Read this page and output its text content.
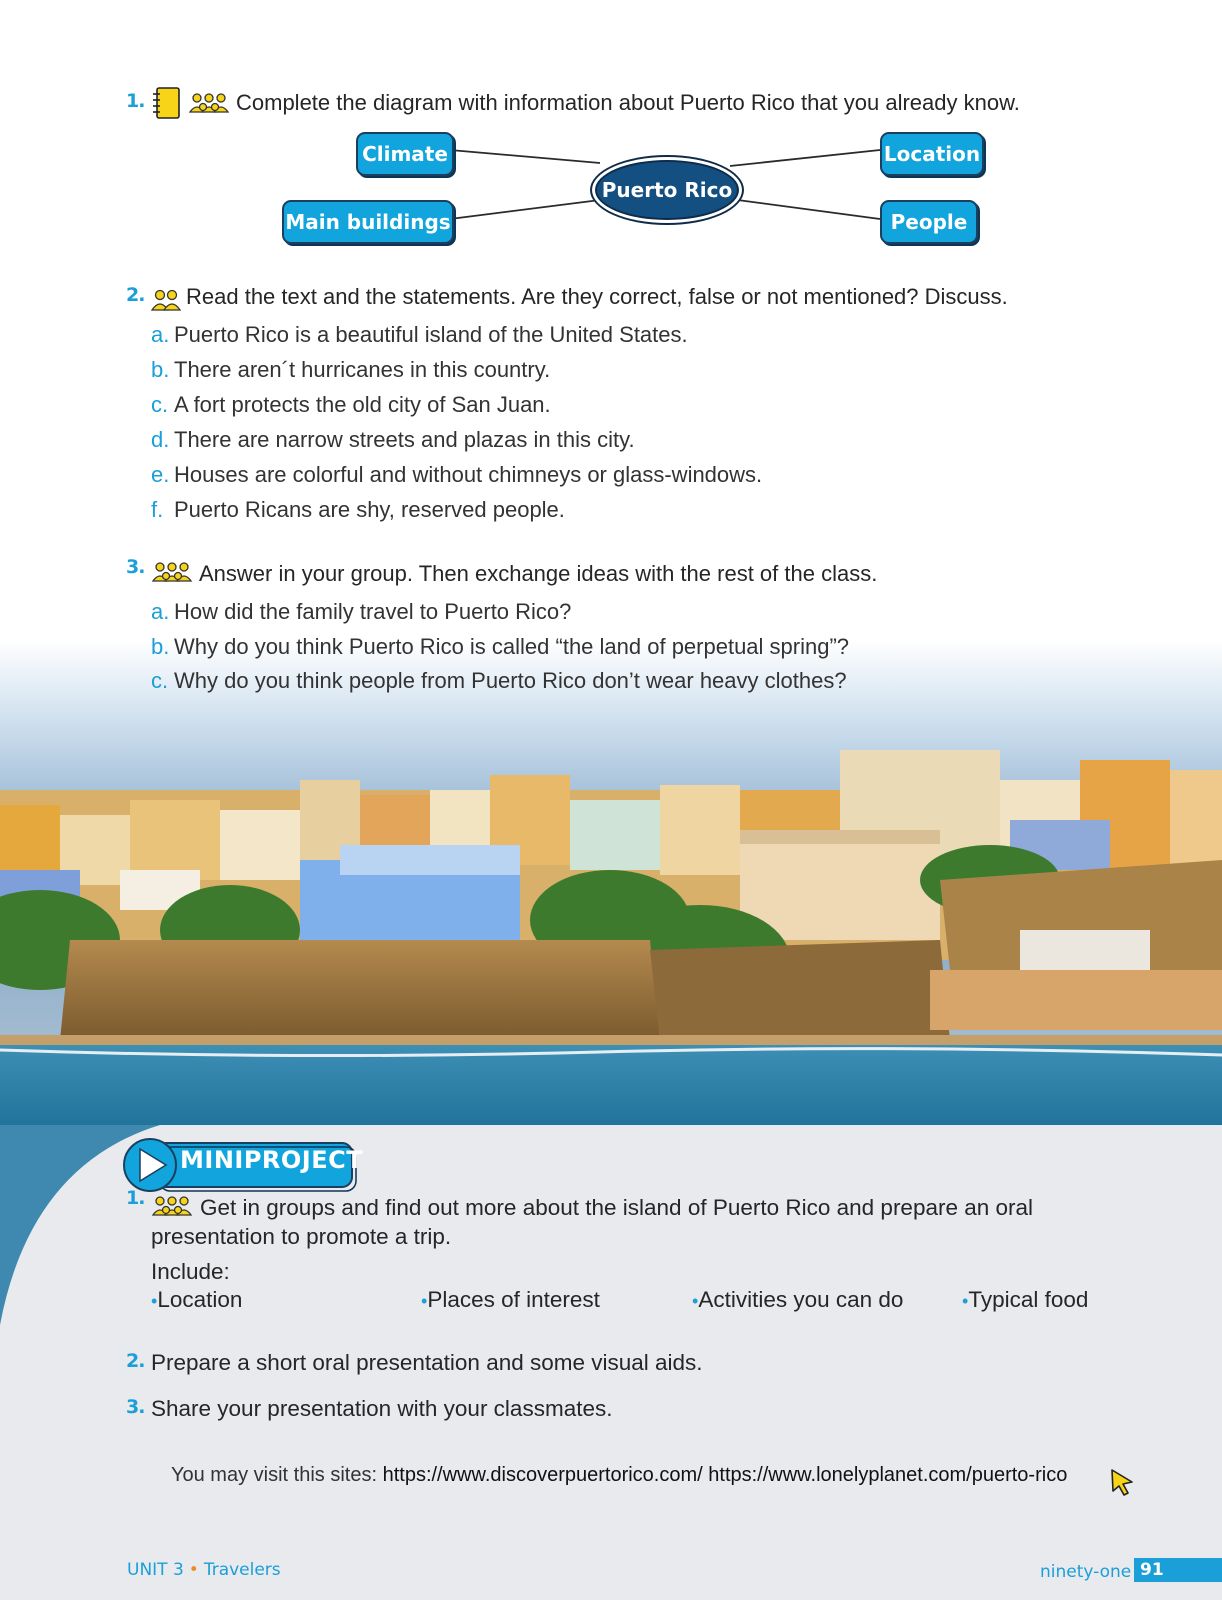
1.	Complete the diagram with information about Puerto Rico that you already know.
Climate	Location
Main buildings	People
Puerto Rico
2. Read the text and the statements. Are they correct, false or not mentioned? Discuss.
a. Puerto Rico is a beautiful island of the United States.
b. There aren´t hurricanes in this country.
c. A fort protects the old city of San Juan.
d. There are narrow streets and plazas in this city.
e. Houses are colorful and without chimneys or glass-windows.
f. Puerto Ricans are shy, reserved people.
3. Answer in your group. Then exchange ideas with the rest of the class.
a. How did the family travel to Puerto Rico?
b. Why do you think Puerto Rico is called “the land of perpetual spring”?
c. Why do you think people from Puerto Rico don’t wear heavy clothes?
MINIPROJECT
1. Get in groups and find out more about the island of Puerto Rico and prepare an oral
presentation to promote a trip.
Include:
•Location	•Places of interest	•Activities you can do	•Typical food
2. Prepare a short oral presentation and some visual aids.
3. Share your presentation with your classmates.
You may visit this sites: https://www.discoverpuertorico.com/ https://www.lonelyplanet.com/puerto-rico
UNIT 3 • Travelers	ninety-one 91
